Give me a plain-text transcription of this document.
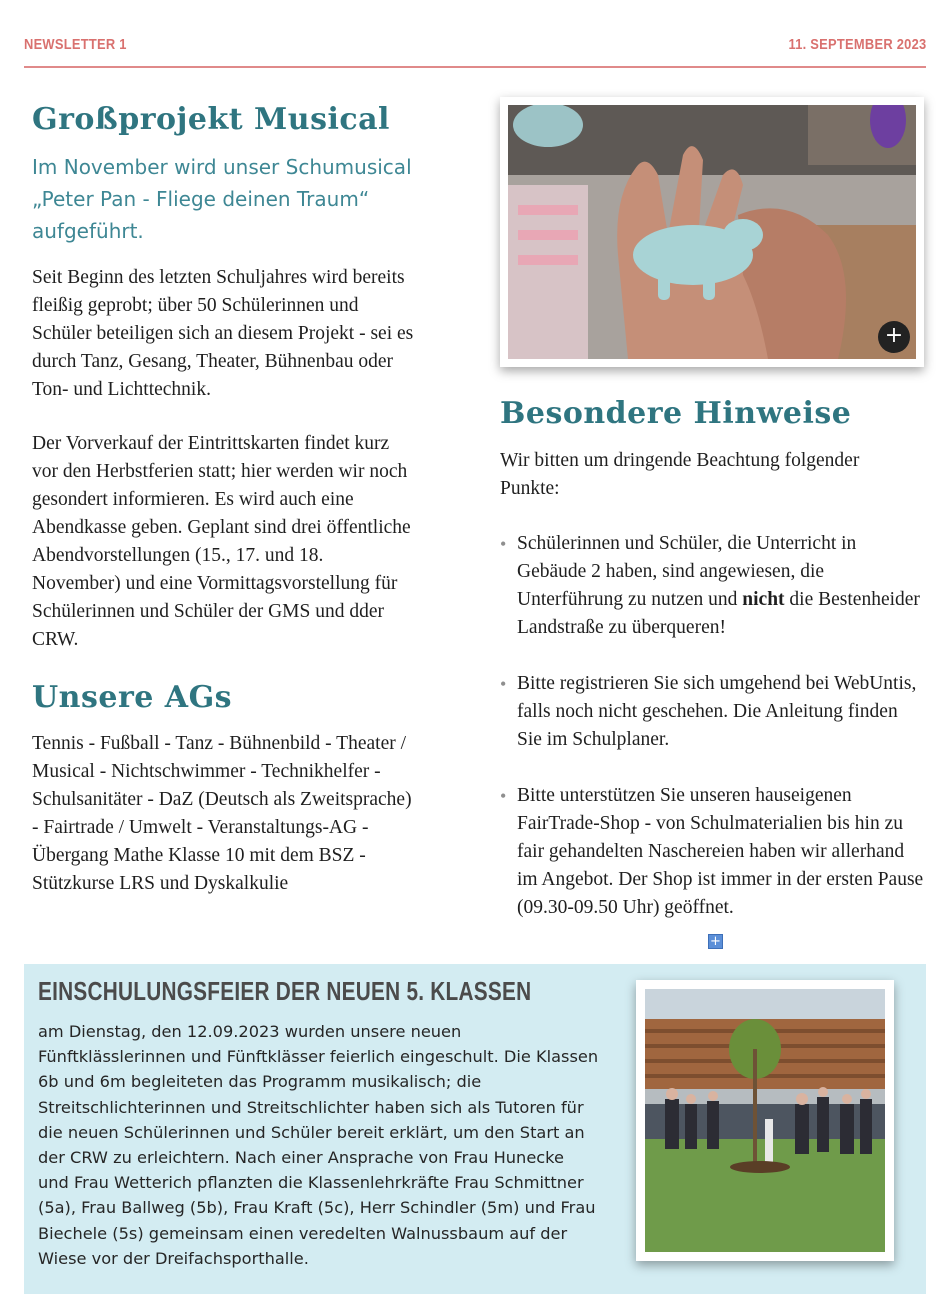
NEWSLETTER 1	11. SEPTEMBER 2023
Großprojekt Musical
Im November wird unser Schumusical
„Peter Pan - Fliege deinen Traum“
aufgeführt.
Seit Beginn des letzten Schuljahres wird bereits
fleißig geprobt; über 50 Schülerinnen und
Schüler beteiligen sich an diesem Projekt - sei es
durch Tanz, Gesang, Theater, Bühnenbau oder
Ton- und Lichttechnik.
Der Vorverkauf der Eintrittskarten findet kurz
vor den Herbstferien statt; hier werden wir noch
gesondert informieren. Es wird auch eine
Abendkasse geben. Geplant sind drei öffentliche
Abendvorstellungen (15., 17. und 18.
November) und eine Vormittagsvorstellung für
Schülerinnen und Schüler der GMS und dder
CRW.
Unsere AGs
Tennis - Fußball - Tanz - Bühnenbild - Theater /
Musical - Nichtschwimmer - Technikhelfer -
Schulsanitäter - DaZ (Deutsch als Zweitsprache)
- Fairtrade / Umwelt - Veranstaltungs-AG -
Übergang Mathe Klasse 10 mit dem BSZ -
Stützkurse LRS und Dyskalkulie
+
Besondere Hinweise
Wir bitten um dringende Beachtung folgender
Punkte:
• Schülerinnen und Schüler, die Unterricht in Gebäude 2 haben, sind angewiesen, die Unterführung zu nutzen und nicht die Bestenheider Landstraße zu überqueren!
• Bitte registrieren Sie sich umgehend bei WebUntis, falls noch nicht geschehen. Die Anleitung finden Sie im Schulplaner.
• Bitte unterstützen Sie unseren hauseigenen FairTrade-Shop - von Schulmaterialien bis hin zu fair gehandelten Naschereien haben wir allerhand im Angebot. Der Shop ist immer in der ersten Pause (09.30-09.50 Uhr) geöffnet.
+
EINSCHULUNGSFEIER DER NEUEN 5. KLASSEN
am Dienstag, den 12.09.2023 wurden unsere neuen
Fünftklässlerinnen und Fünftklässer feierlich eingeschult. Die Klassen
6b und 6m begleiteten das Programm musikalisch; die
Streitschlichterinnen und Streitschlichter haben sich als Tutoren für
die neuen Schülerinnen und Schüler bereit erklärt, um den Start an
der CRW zu erleichtern. Nach einer Ansprache von Frau Hunecke
und Frau Wetterich pflanzten die Klassenlehrkräfte Frau Schmittner
(5a), Frau Ballweg (5b), Frau Kraft (5c), Herr Schindler (5m) und Frau
Biechele (5s) gemeinsam einen veredelten Walnussbaum auf der
Wiese vor der Dreifachsporthalle.
